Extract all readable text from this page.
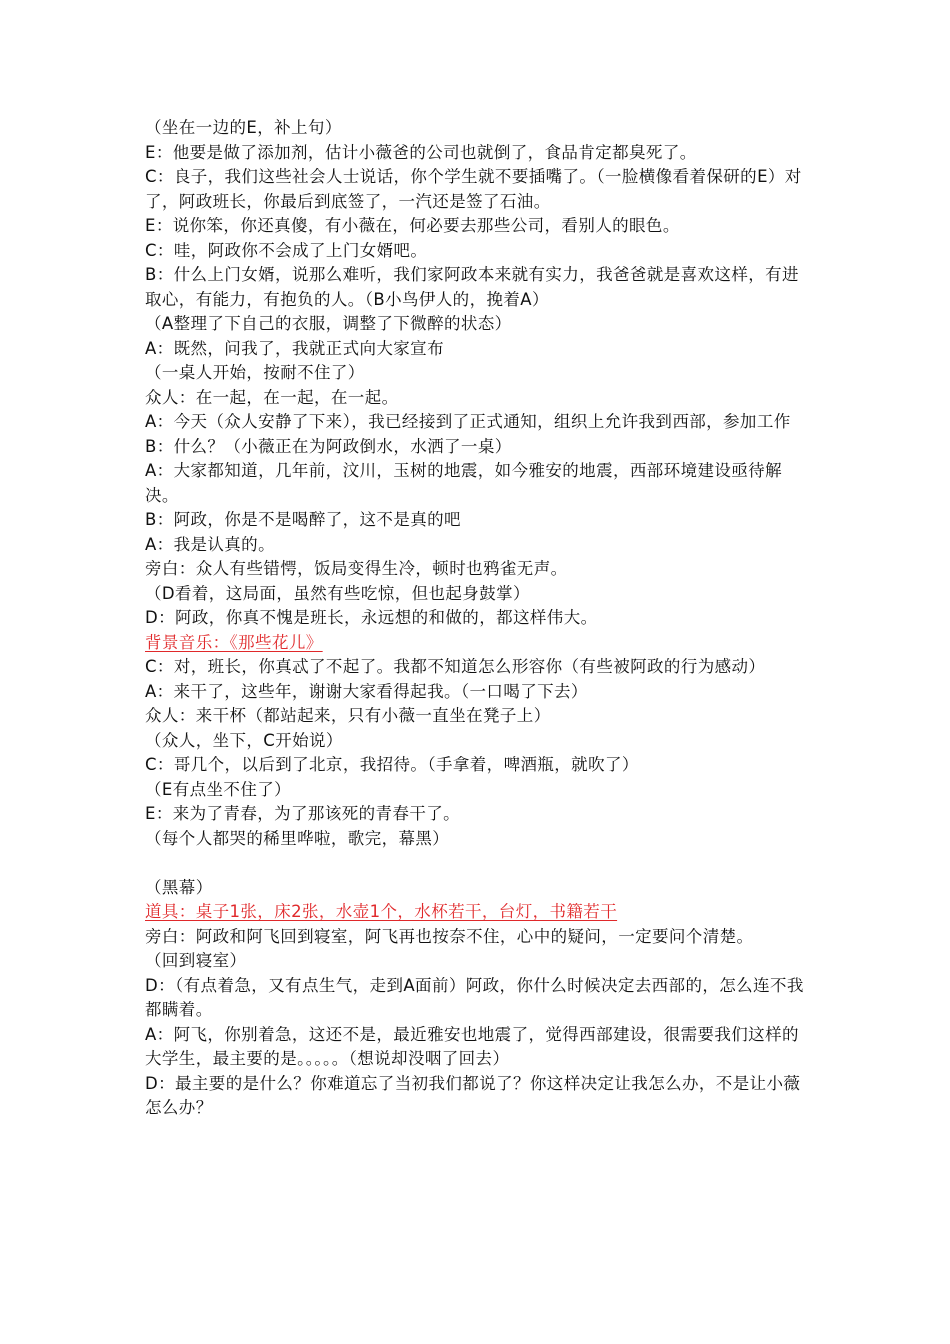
（坐在一边的E，补上句）

E：他要是做了添加剂，估计小薇爸的公司也就倒了，食品肯定都臭死了。

C：良子，我们这些社会人士说话，你个学生就不要插嘴了。（一脸横像看着保研的E）对了，阿政班长，你最后到底签了，一汽还是签了石油。

E：说你笨，你还真傻，有小薇在，何必要去那些公司，看别人的眼色。

C：哇，阿政你不会成了上门女婿吧。

B：什么上门女婿，说那么难听，我们家阿政本来就有实力，我爸爸就是喜欢这样，有进取心，有能力，有抱负的人。（B小鸟伊人的，挽着A）

（A整理了下自己的衣服，调整了下微醉的状态）

A：既然，问我了，我就正式向大家宣布

（一桌人开始，按耐不住了）

众人：在一起，在一起，在一起。

A：今天（众人安静了下来），我已经接到了正式通知，组织上允许我到西部，参加工作

B：什么？（小薇正在为阿政倒水，水洒了一桌）

A：大家都知道，几年前，汶川，玉树的地震，如今雅安的地震，西部环境建设亟待解决。

B：阿政，你是不是喝醉了，这不是真的吧

A：我是认真的。

旁白：众人有些错愕，饭局变得生冷，顿时也鸦雀无声。

（D看着，这局面，虽然有些吃惊，但也起身鼓掌）

D：阿政，你真不愧是班长，永远想的和做的，都这样伟大。

背景音乐：《那些花儿》

C：对，班长，你真忒了不起了。我都不知道怎么形容你（有些被阿政的行为感动）

A：来干了，这些年，谢谢大家看得起我。（一口喝了下去）

众人：来干杯（都站起来，只有小薇一直坐在凳子上）

（众人，坐下，C开始说）

C：哥几个，以后到了北京，我招待。（手拿着，啤酒瓶，就吹了）

（E有点坐不住了）

E：来为了青春，为了那该死的青春干了。

（每个人都哭的稀里哗啦，歌完，幕黑）

（黑幕）

道具：桌子1张，床2张，水壶1个，水杯若干，台灯，书籍若干

旁白：阿政和阿飞回到寝室，阿飞再也按奈不住，心中的疑问，一定要问个清楚。

（回到寝室）

D：（有点着急，又有点生气，走到A面前）阿政，你什么时候决定去西部的，怎么连不我都瞒着。

A：阿飞，你别着急，这还不是，最近雅安也地震了，觉得西部建设，很需要我们这样的大学生，最主要的是。。。。。（想说却没咽了回去）

D：最主要的是什么？你难道忘了当初我们都说了？你这样决定让我怎么办，不是让小薇怎么办？
